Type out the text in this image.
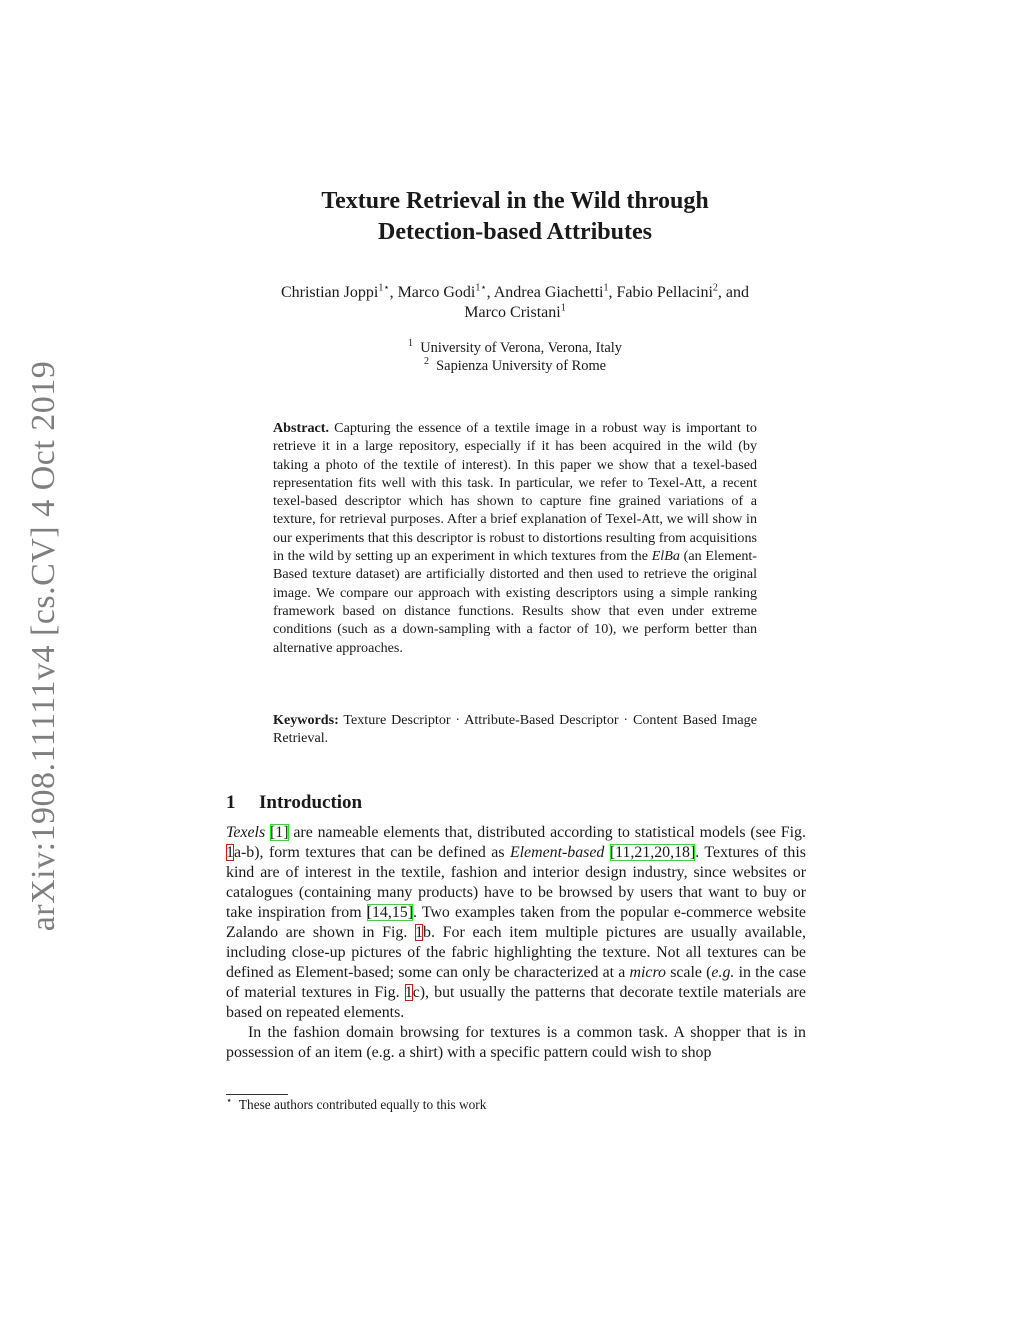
arXiv:1908.11111v4 [cs.CV] 4 Oct 2019
Texture Retrieval in the Wild through
Detection-based Attributes
Christian Joppi$^{1⋆}$, Marco Godi$^{1⋆}$, Andrea Giachetti$^1$, Fabio Pellacini$^2$, and
Marco Cristani$^1$
$^1$ University of Verona, Verona, Italy
$^2$ Sapienza University of Rome
Abstract. Capturing the essence of a textile image in a robust way is important to retrieve it in a large repository, especially if it has been acquired in the wild (by taking a photo of the textile of interest). In this paper we show that a texel-based representation fits well with this task. In particular, we refer to Texel-Att, a recent texel-based descriptor which has shown to capture fine grained variations of a texture, for retrieval purposes. After a brief explanation of Texel-Att, we will show in our experiments that this descriptor is robust to distortions resulting from acquisitions in the wild by setting up an experiment in which textures from the ElBa (an Element-Based texture dataset) are artificially distorted and then used to retrieve the original image. We compare our approach with existing descriptors using a simple ranking framework based on distance functions. Results show that even under extreme conditions (such as a down-sampling with a factor of 10), we perform better than alternative approaches.
Keywords: Texture Descriptor · Attribute-Based Descriptor · Content Based Image Retrieval.
1 Introduction

Texels [1] are nameable elements that, distributed according to statistical models (see Fig. 1a-b), form textures that can be defined as Element-based [11,21,20,18]. Textures of this kind are of interest in the textile, fashion and interior design industry, since websites or catalogues (containing many products) have to be browsed by users that want to buy or take inspiration from [14,15]. Two examples taken from the popular e-commerce website Zalando are shown in Fig. 1b. For each item multiple pictures are usually available, including close-up pictures of the fabric highlighting the texture. Not all textures can be defined as Element-based; some can only be characterized at a micro scale (e.g. in the case of material textures in Fig. 1c), but usually the patterns that decorate textile materials are based on repeated elements.

In the fashion domain browsing for textures is a common task. A shopper that is in possession of an item (e.g. a shirt) with a specific pattern could wish to shop

⋆ These authors contributed equally to this work
